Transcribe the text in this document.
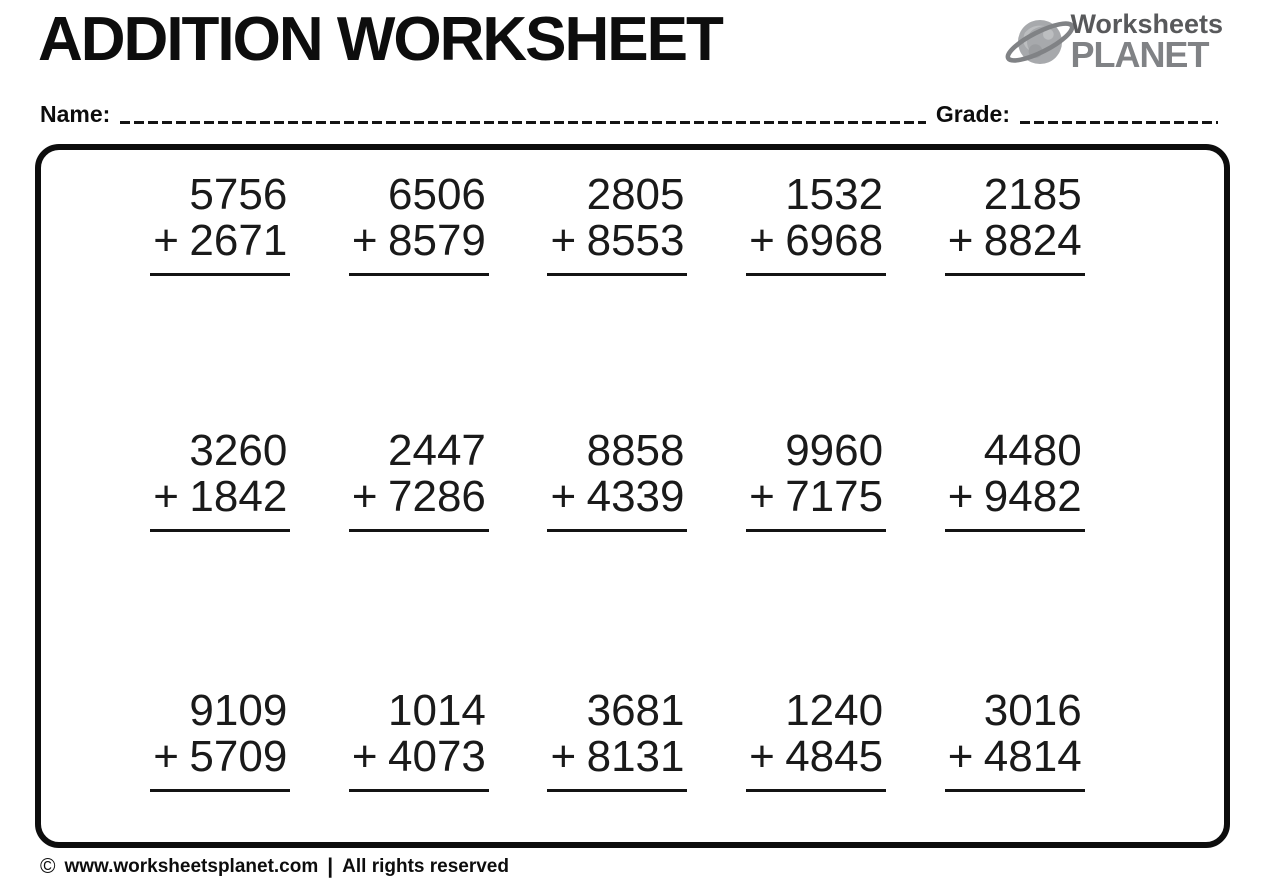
ADDITION WORKSHEET	Worksheets
PLANET
Name:	Grade:
5756
+ 2671
6506
+ 8579
2805
+ 8553
1532
+ 6968
2185
+ 8824
3260
+ 1842
2447
+ 7286
8858
+ 4339
9960
+ 7175
4480
+ 9482
9109
+ 5709
1014
+ 4073
3681
+ 8131
1240
+ 4845
3016
+ 4814
© www.worksheetsplanet.com | All rights reserved
